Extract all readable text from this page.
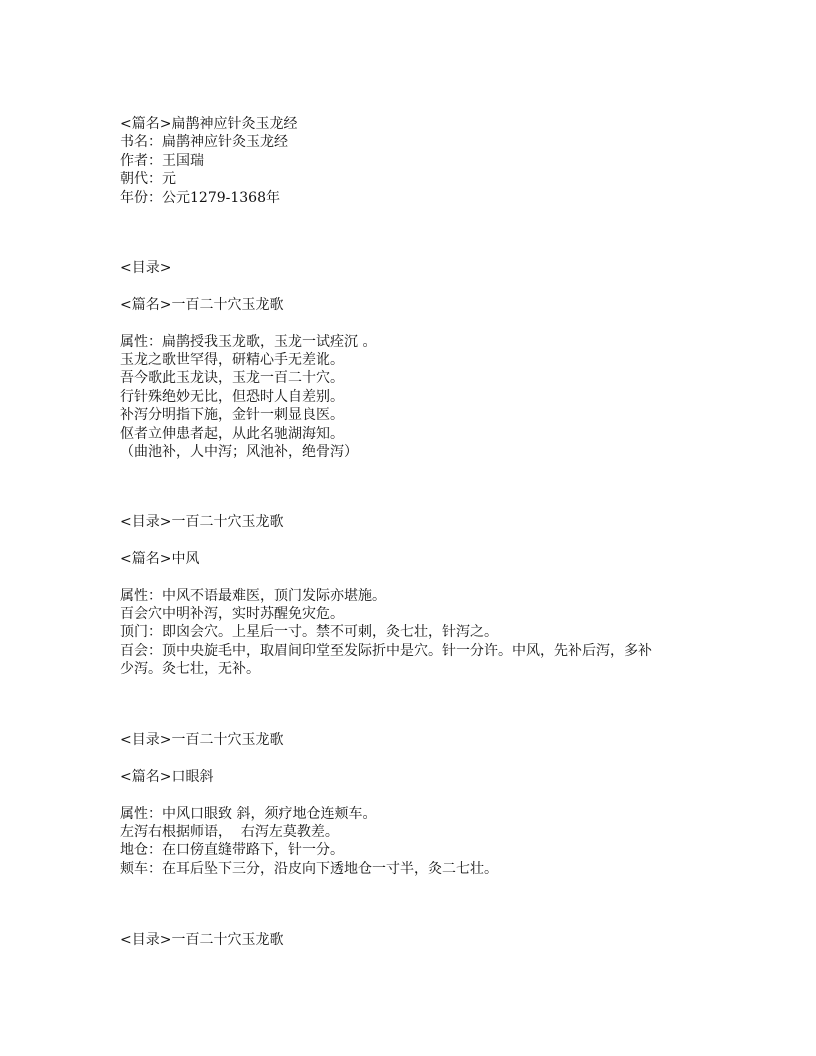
<篇名>扁鹊神应针灸玉龙经
书名：扁鹊神应针灸玉龙经
作者：王国瑞
朝代：元
年份：公元1279-1368年
<目录>
<篇名>一百二十穴玉龙歌
属性：扁鹊授我玉龙歌，玉龙一试痊沉 。
玉龙之歌世罕得，研精心手无差讹。
吾今歌此玉龙诀，玉龙一百二十穴。
行针殊绝妙无比，但恐时人自差别。
补泻分明指下施，金针一刺显良医。
伛者立伸患者起，从此名驰湖海知。
（曲池补，人中泻；风池补，绝骨泻）
<目录>一百二十穴玉龙歌
<篇名>中风
属性：中风不语最难医，顶门发际亦堪施。
百会穴中明补泻，实时苏醒免灾危。
顶门：即囟会穴。上星后一寸。禁不可刺，灸七壮，针泻之。
百会：顶中央旋毛中，取眉间印堂至发际折中是穴。针一分许。中风，先补后泻，多补少泻。灸七壮，无补。
<目录>一百二十穴玉龙歌
<篇名>口眼斜
属性：中风口眼致 斜，须疗地仓连颊车。
左泻右根据师语，  右泻左莫教差。
地仓：在口傍直缝带路下，针一分。
颊车：在耳后坠下三分，沿皮向下透地仓一寸半，灸二七壮。
<目录>一百二十穴玉龙歌
